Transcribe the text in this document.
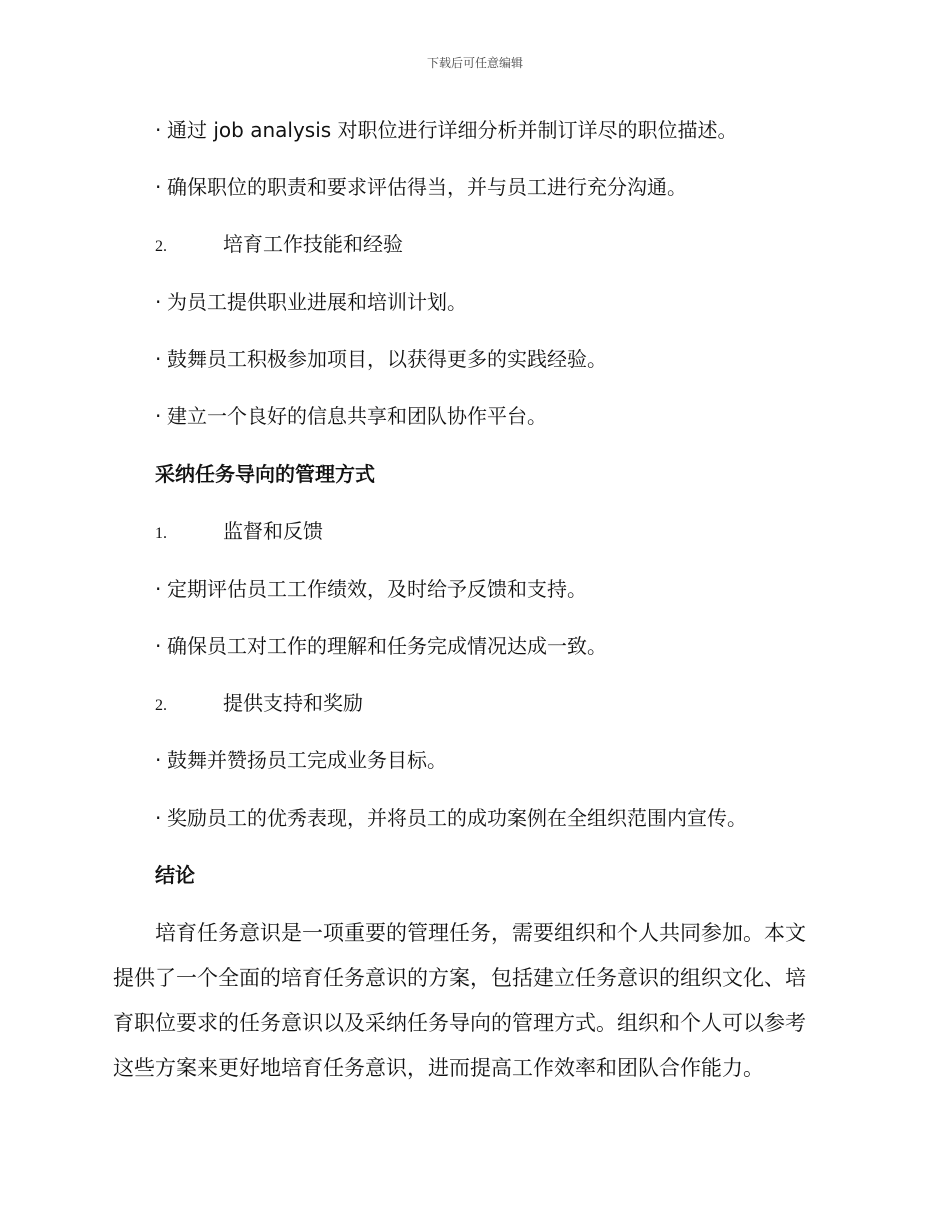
下载后可任意编辑
· 通过 job analysis 对职位进行详细分析并制订详尽的职位描述。
· 确保职位的职责和要求评估得当，并与员工进行充分沟通。
2.	培育工作技能和经验
· 为员工提供职业进展和培训计划。
· 鼓舞员工积极参加项目，以获得更多的实践经验。
· 建立一个良好的信息共享和团队协作平台。
采纳任务导向的管理方式
1.	监督和反馈
· 定期评估员工工作绩效，及时给予反馈和支持。
· 确保员工对工作的理解和任务完成情况达成一致。
2.	提供支持和奖励
· 鼓舞并赞扬员工完成业务目标。
· 奖励员工的优秀表现，并将员工的成功案例在全组织范围内宣传。
结论
培育任务意识是一项重要的管理任务，需要组织和个人共同参加。本文
提供了一个全面的培育任务意识的方案，包括建立任务意识的组织文化、培
育职位要求的任务意识以及采纳任务导向的管理方式。组织和个人可以参考
这些方案来更好地培育任务意识，进而提高工作效率和团队合作能力。
